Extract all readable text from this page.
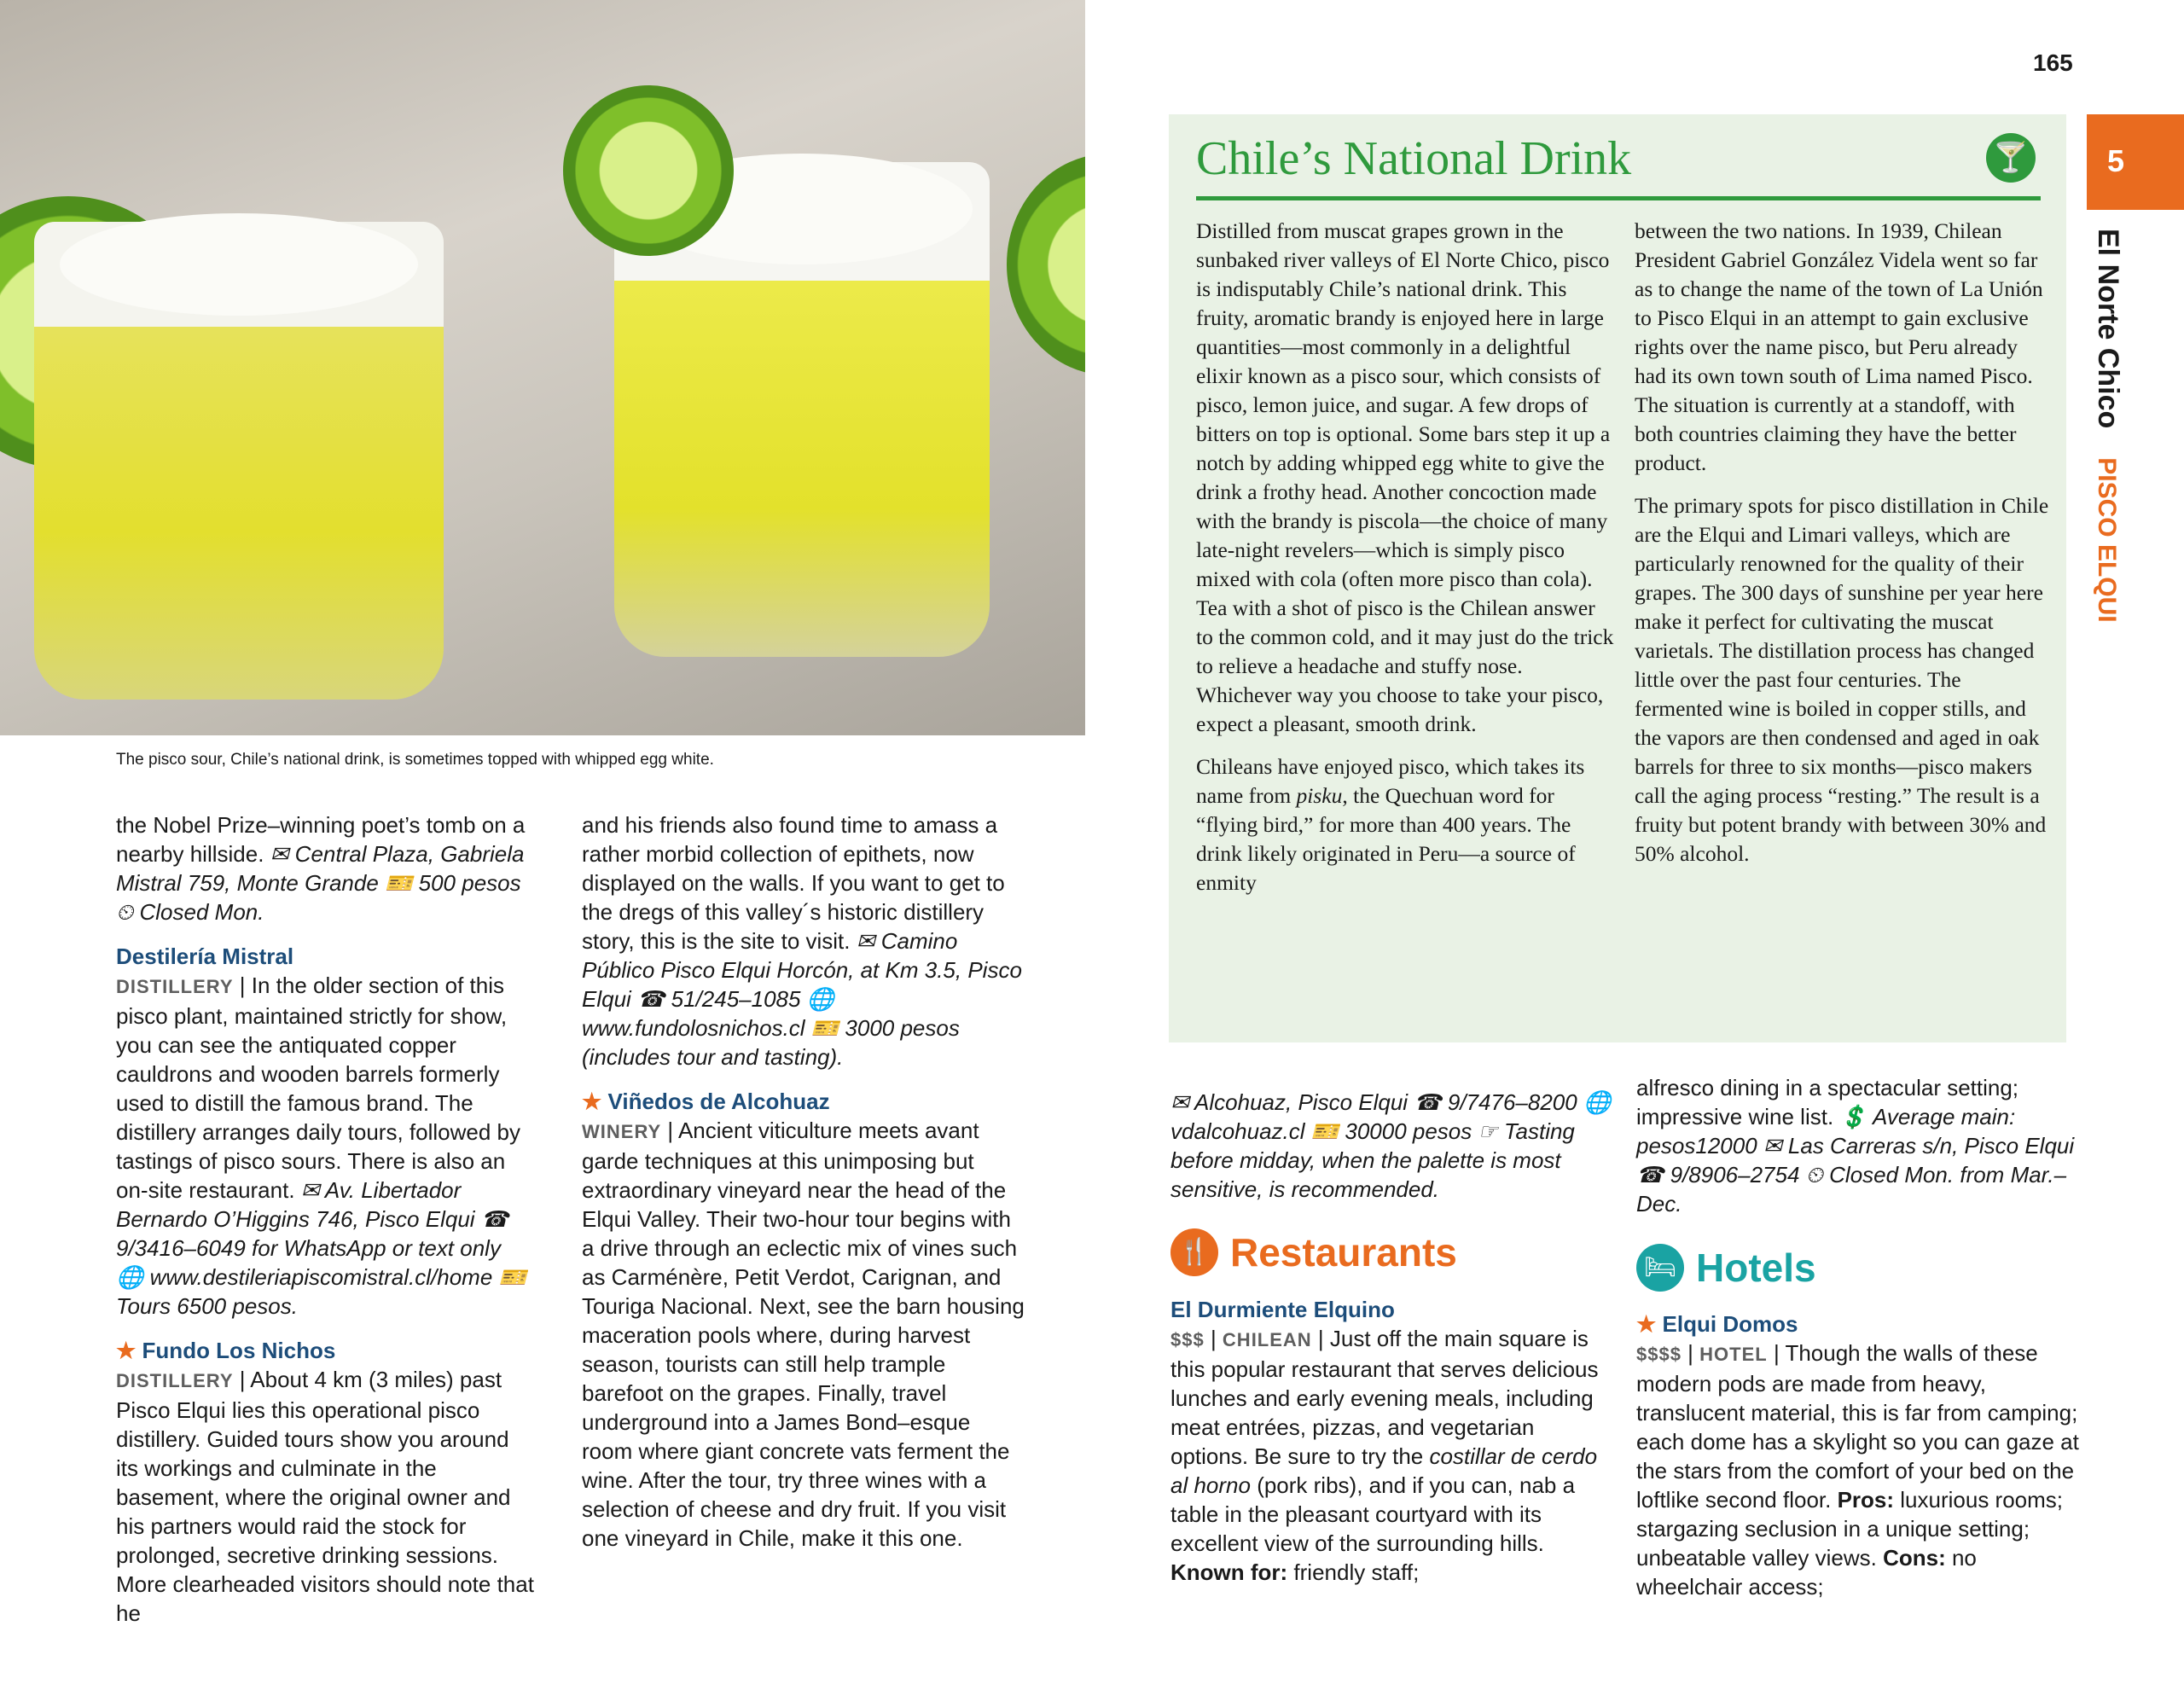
The pisco sour, Chile’s national drink, is sometimes topped with whipped egg white.

the Nobel Prize–winning poet’s tomb on a nearby hillside. ✉ Central Plaza, Gabriela Mistral 759, Monte Grande 🎫 500 pesos ⏲ Closed Mon.

Destilería Mistral

DISTILLERY | In the older section of this pisco plant, maintained strictly for show, you can see the antiquated copper cauldrons and wooden barrels formerly used to distill the famous brand. The distillery arranges daily tours, followed by tastings of pisco sours. There is also an on-site restaurant. ✉ Av. Libertador Bernardo O’Higgins 746, Pisco Elqui ☎ 9/3416–6049 for WhatsApp or text only 🌐 www.destileriapiscomistral.cl/home 🎫 Tours 6500 pesos.

★ Fundo Los Nichos

DISTILLERY | About 4 km (3 miles) past Pisco Elqui lies this operational pisco distillery. Guided tours show you around its workings and culminate in the basement, where the original owner and his partners would raid the stock for prolonged, secretive drinking sessions. More clearheaded visitors should note that he

and his friends also found time to amass a rather morbid collection of epithets, now displayed on the walls. If you want to get to the dregs of this valley´s historic distillery story, this is the site to visit. ✉ Camino Público Pisco Elqui Horcón, at Km 3.5, Pisco Elqui ☎ 51/245–1085 🌐 www.fundolosnichos.cl 🎫 3000 pesos (includes tour and tasting).

★ Viñedos de Alcohuaz

WINERY | Ancient viticulture meets avant garde techniques at this unimposing but extraordinary vineyard near the head of the Elqui Valley. Their two-hour tour begins with a drive through an eclectic mix of vines such as Carménère, Petit Verdot, Carignan, and Touriga Nacional. Next, see the barn housing maceration pools where, during harvest season, tourists can still help trample barefoot on the grapes. Finally, travel underground into a James Bond–esque room where giant concrete vats ferment the wine. After the tour, try three wines with a selection of cheese and dry fruit. If you visit one vineyard in Chile, make it this one.

Chile’s National Drink	🍸

Distilled from muscat grapes grown in the sunbaked river valleys of El Norte Chico, pisco is indisputably Chile’s national drink. This fruity, aromatic brandy is enjoyed here in large quantities—most commonly in a delightful elixir known as a pisco sour, which consists of pisco, lemon juice, and sugar. A few drops of bitters on top is optional. Some bars step it up a notch by adding whipped egg white to give the drink a frothy head. Another concoction made with the brandy is piscola—the choice of many late-night revelers—which is simply pisco mixed with cola (often more pisco than cola). Tea with a shot of pisco is the Chilean answer to the common cold, and it may just do the trick to relieve a headache and stuffy nose. Whichever way you choose to take your pisco, expect a pleasant, smooth drink.

Chileans have enjoyed pisco, which takes its name from pisku, the Quechuan word for “flying bird,” for more than 400 years. The drink likely originated in Peru—a source of enmity

between the two nations. In 1939, Chilean President Gabriel González Videla went so far as to change the name of the town of La Unión to Pisco Elqui in an attempt to gain exclusive rights over the name pisco, but Peru already had its own town south of Lima named Pisco. The situation is currently at a standoff, with both countries claiming they have the better product.

The primary spots for pisco distillation in Chile are the Elqui and Limari valleys, which are particularly renowned for the quality of their grapes. The 300 days of sunshine per year here make it perfect for cultivating the muscat varietals. The distillation process has changed little over the past four centuries. The fermented wine is boiled in copper stills, and the vapors are then condensed and aged in oak barrels for three to six months—pisco makers call the aging process “resting.” The result is a fruity but potent brandy with between 30% and 50% alcohol.

✉ Alcohuaz, Pisco Elqui ☎ 9/7476–8200 🌐 vdalcohuaz.cl 🎫 30000 pesos ☞ Tasting before midday, when the palette is most sensitive, is recommended.

🍴 Restaurants

El Durmiente Elquino

$$$ | CHILEAN | Just off the main square is this popular restaurant that serves delicious lunches and early evening meals, including meat entrées, pizzas, and vegetarian options. Be sure to try the costillar de cerdo al horno (pork ribs), and if you can, nab a table in the pleasant courtyard with its excellent view of the surrounding hills. Known for: friendly staff;

alfresco dining in a spectacular setting; impressive wine list. 💲 Average main: pesos12000 ✉ Las Carreras s/n, Pisco Elqui ☎ 9/8906–2754 ⏲ Closed Mon. from Mar.–Dec.

🛏 Hotels

★ Elqui Domos

$$$$ | HOTEL | Though the walls of these modern pods are made from heavy, translucent material, this is far from camping; each dome has a skylight so you can gaze at the stars from the comfort of your bed on the loftlike second floor. Pros: luxurious rooms; stargazing seclusion in a unique setting; unbeatable valley views. Cons: no wheelchair access;

165
5
El Norte ChicoPISCO ELQUI
